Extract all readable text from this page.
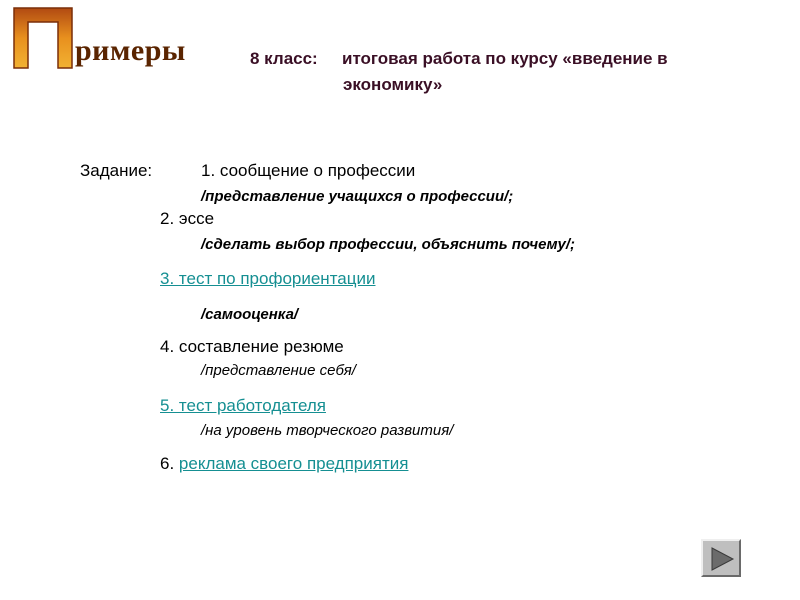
римеры	8 класс: итоговая работа по курсу «введение в
экономику»
Задание:	1. сообщение о профессии
/представление учащихся о профессии/;
2. эссе
/сделать выбор профессии, объяснить почему/;
3. тест по профориентации
/самооценка/
4. составление резюме
/представление себя/
5. тест работодателя
/на уровень творческого развития/
6. реклама своего предприятия
